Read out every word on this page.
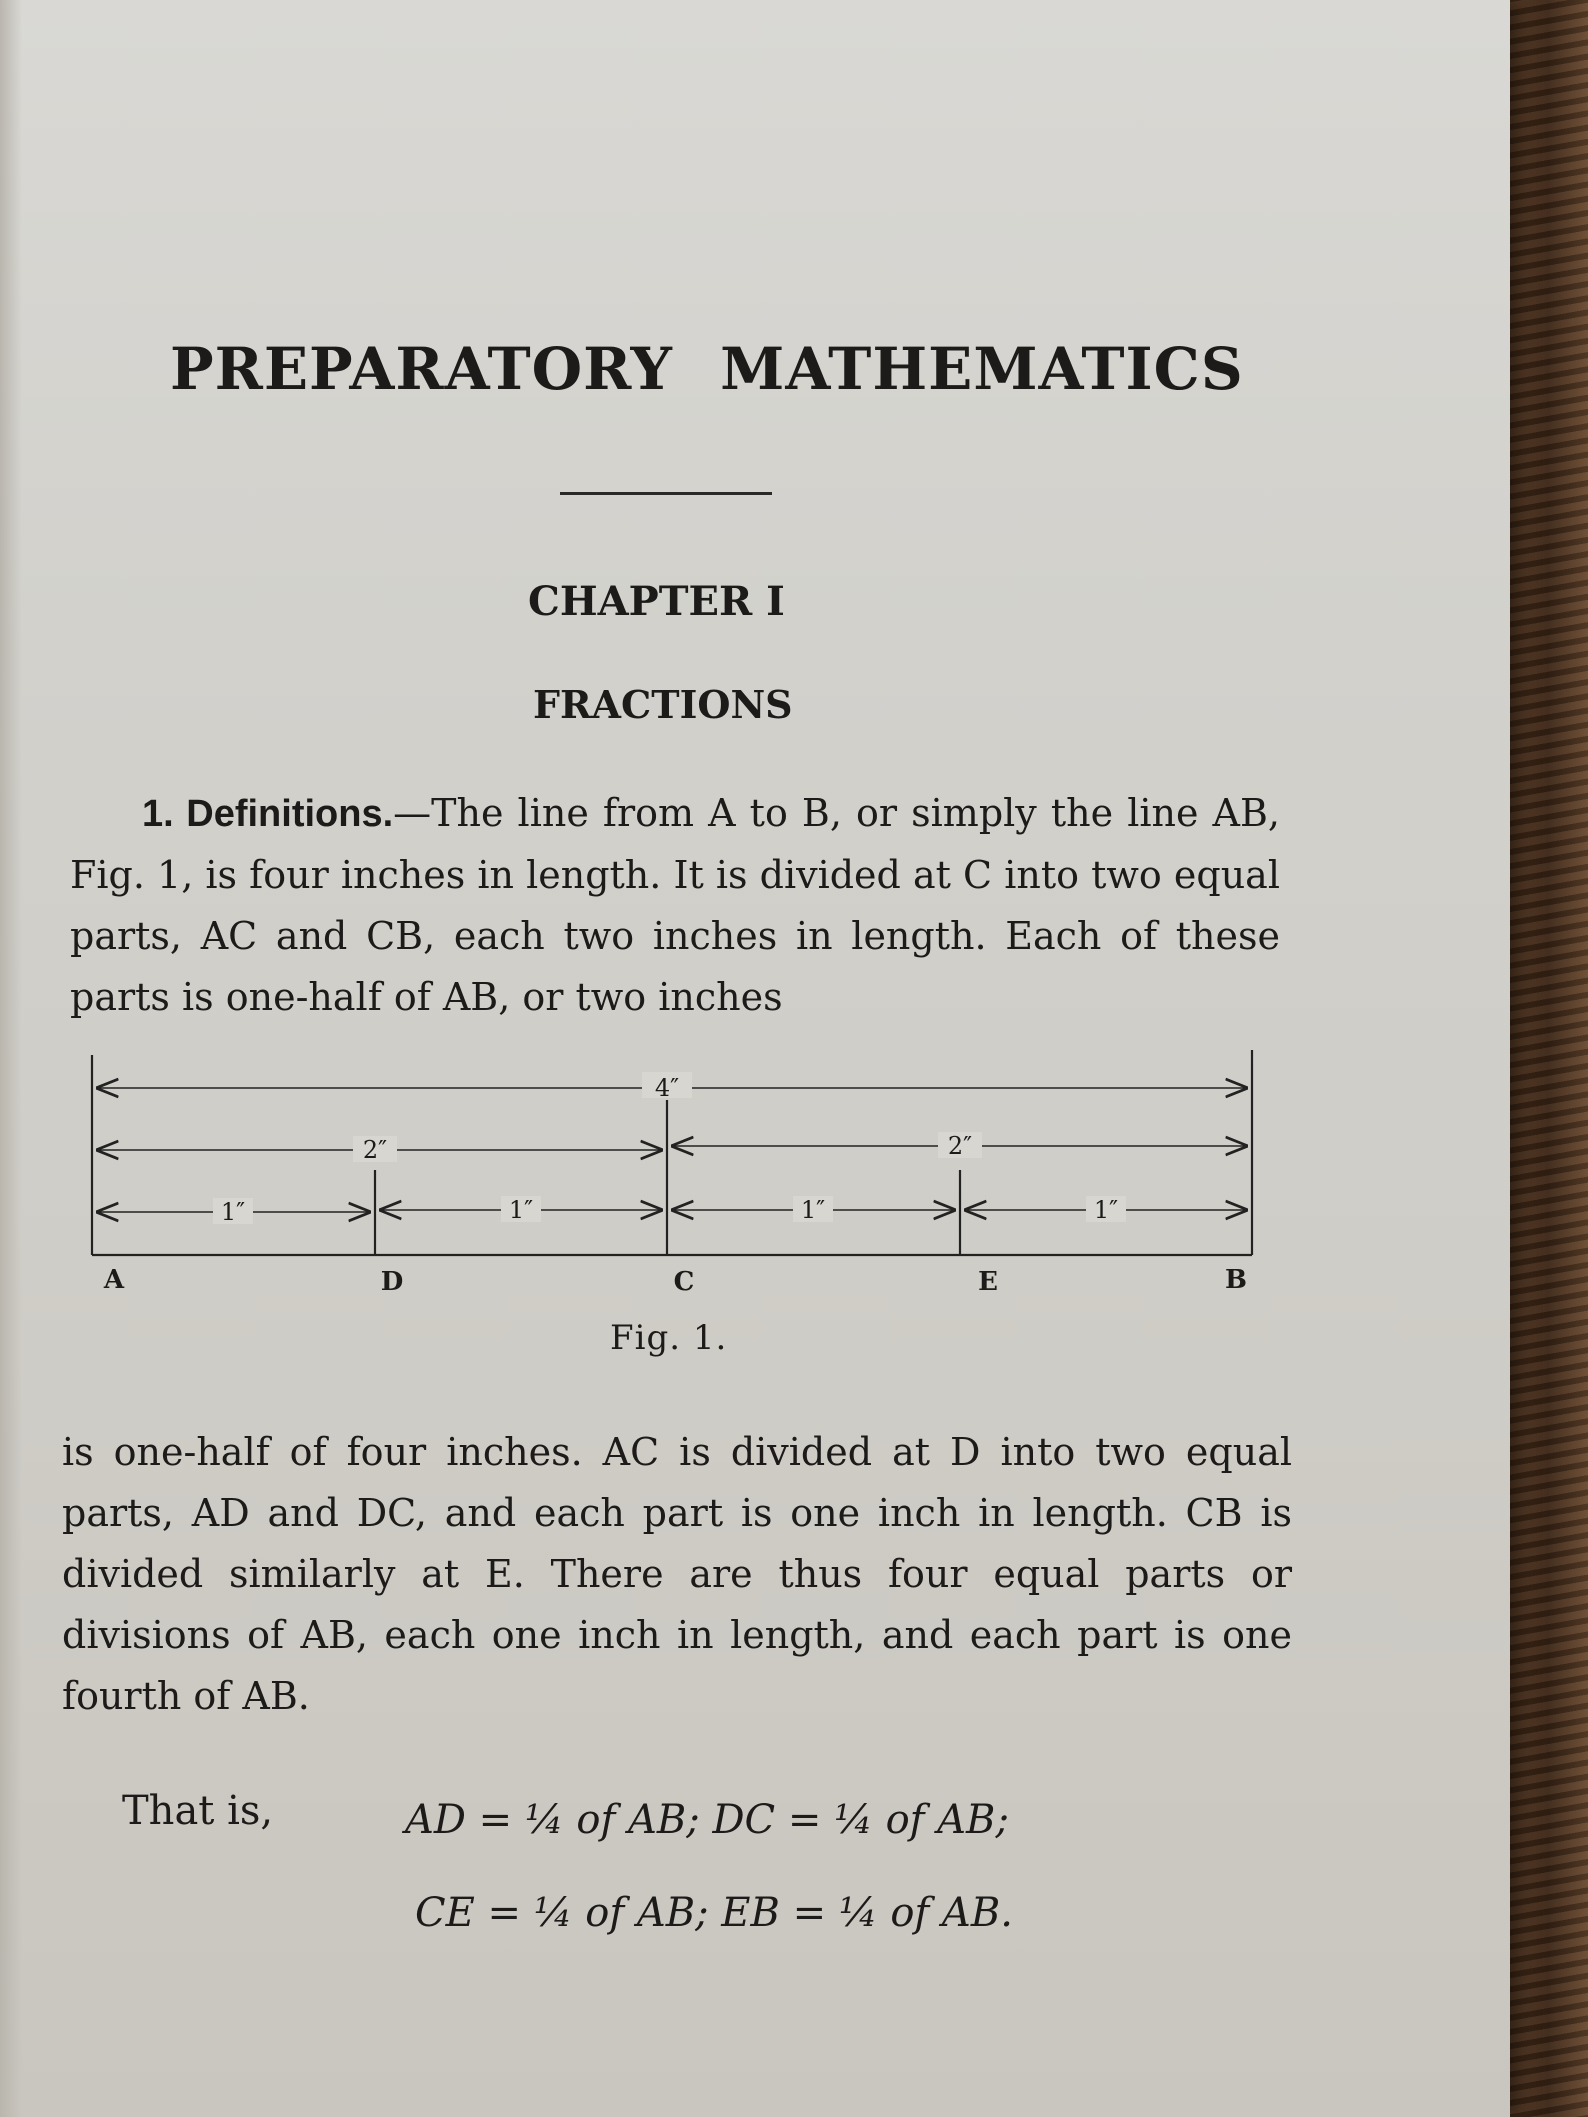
PREPARATORY MATHEMATICS
CHAPTER I
FRACTIONS

1. Definitions.—The line from A to B, or simply the line AB, Fig. 1, is four inches in length. It is divided at C into two equal parts, AC and CB, each two inches in length. Each of these parts is one-half of AB, or two inches

4″
2″	2″
1″	1″	1″	1″
A	D	C	E	B

Fig. 1.

is one-half of four inches. AC is divided at D into two equal parts, AD and DC, and each part is one inch in length. CB is divided similarly at E. There are thus four equal parts or divisions of AB, each one inch in length, and each part is one fourth of AB.

That is,	AD = ¼ of AB; DC = ¼ of AB;

CE = ¼ of AB; EB = ¼ of AB.
